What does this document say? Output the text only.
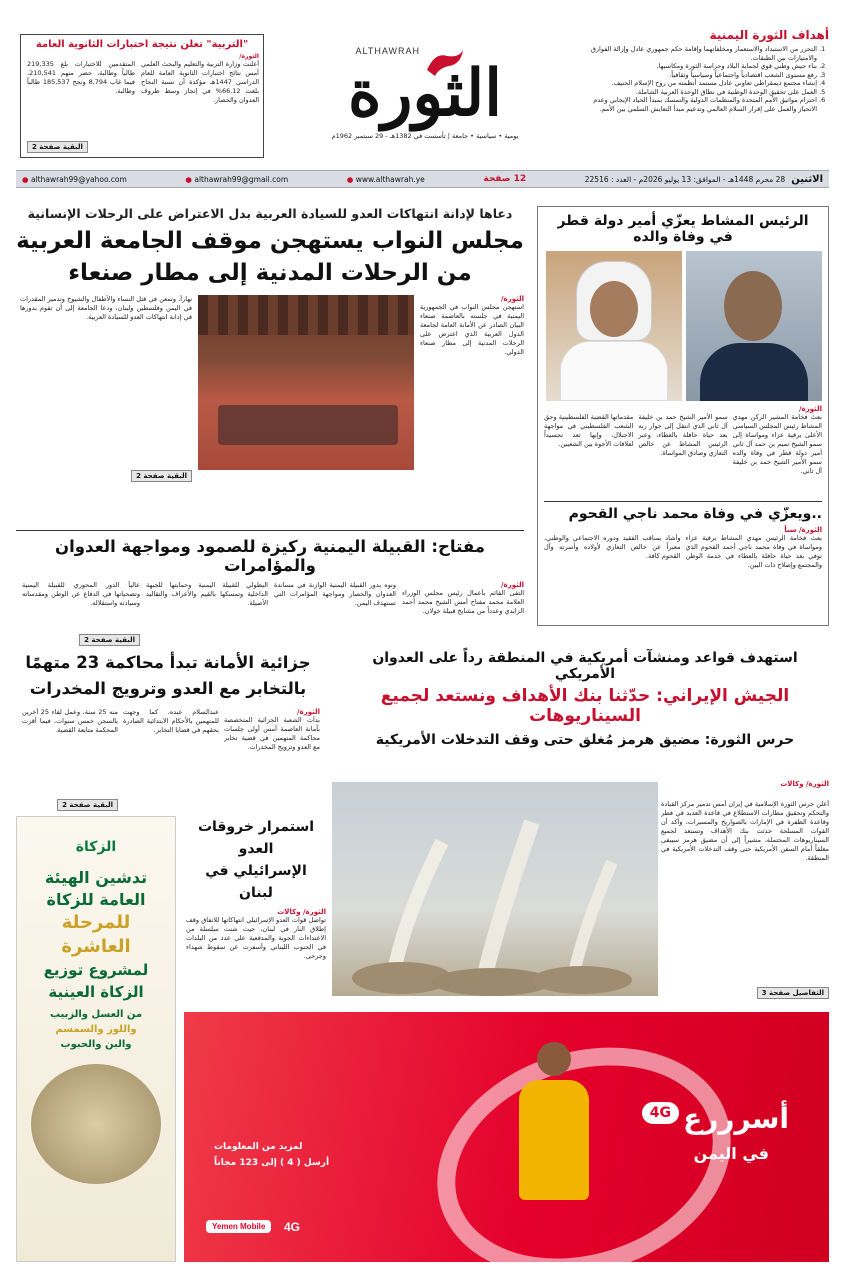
أهداف الثورة اليمنية
1. التحرر من الاستبداد والاستعمار ومخلفاتهما وإقامة حكم جمهوري عادل وإزالة الفوارق والامتيازات بين الطبقات.
2. بناء جيش وطني قوي لحماية البلاد وحراسة الثورة ومكاسبها.
3. رفع مستوى الشعب اقتصادياً واجتماعياً وسياسياً وثقافياً.
4. إنشاء مجتمع ديمقراطي تعاوني عادل مستمد أنظمته من روح الإسلام الحنيف.
5. العمل على تحقيق الوحدة الوطنية في نطاق الوحدة العربية الشاملة.
6. احترام مواثيق الأمم المتحدة والمنظمات الدولية والتمسك بمبدأ الحياد الإيجابي وعدم الانحياز والعمل على إقرار السلام العالمي وتدعيم مبدأ التعايش السلمي بين الأمم.
ALTHAWRAH
الثورة
يومية • سياسية • جامعة | تأسست في 1382هـ - 29 سبتمبر 1962م
"التربية" تعلن نتيجة اختبارات الثانوية العامة
الثورة/
أعلنت وزارة التربية والتعليم والبحث العلمي أمس نتائج اختبارات الثانوية العامة للعام الدراسي 1447هـ مؤكدة أن نسبة النجاح بلغت 66.12% في إنجاز وسط ظروف العدوان والحصار.
المتقدمين للاختبارات بلغ 219,335 طالباً وطالبة، حضر منهم 210,541، فيما غاب 8,794 ونجح 185,537 طالباً وطالبة.
البقية صفحة 2
الاثنين
28 محرم 1448هـ - الموافق: 13 يوليو 2026م - العدد : 22516
12 صفحة
● www.althawrah.ye
● althawrah99@gmail.com
● althawrah99@yahoo.com
الرئيس المشاط يعزّي أمير دولة قطر في وفاة والده
الثورة/
بعث فخامة المشير الركن مهدي المشاط رئيس المجلس السياسي الأعلى برقية عزاء ومواساة إلى سمو الشيخ تميم بن حمد آل ثاني أمير دولة قطر في وفاة والده سمو الأمير الشيخ حمد بن خليفة آل ثاني.
سمو الأمير الشيخ حمد بن خليفة آل ثاني الذي انتقل إلى جوار ربه بعد حياة حافلة بالعطاء، وعبر الرئيس المشاط عن خالص التعازي وصادق المواساة.
مقدماتها القضية الفلسطينية وحق الشعب الفلسطيني في مواجهة الاحتلال، وإنها تعد تجسيداً لعلاقات الأخوة بين الشعبين.
..ويعزّي في وفاة محمد ناجي القحوم
الثورة/ سبأ
بعث فخامة الرئيس مهدي المشاط برقية عزاء ومواساة في وفاة محمد ناجي أحمد القحوم الذي توفي بعد حياة حافلة بالعطاء في خدمة الوطن والمجتمع وإصلاح ذات البين.
وأشاد بمناقب الفقيد ودوره الاجتماعي والوطني، معبراً عن خالص التعازي لأولاده وأسرته وآل القحوم كافة.
دعاها لإدانة انتهاكات العدو للسيادة العربية بدل الاعتراض على الرحلات الإنسانية
مجلس النواب يستهجن موقف الجامعة العربية
من الرحلات المدنية إلى مطار صنعاء
الثورة/
استهجن مجلس النواب في الجمهورية اليمنية في جلسته بالعاصمة صنعاء البيان الصادر عن الأمانة العامة لجامعة الدول العربية الذي اعترض على الرحلات المدنية إلى مطار صنعاء الدولي.
نهاراً، وتمعن في قتل النساء والأطفال والشيوخ وتدمير المقدرات في اليمن وفلسطين ولبنان، ودعا الجامعة إلى أن تقوم بدورها في إدانة انتهاكات العدو للسيادة العربية.
البقية صفحة 2
مفتاح: القبيلة اليمنية ركيزة للصمود ومواجهة العدوان والمؤامرات
الثورة/
التقى القائم بأعمال رئيس مجلس الوزراء العلامة محمد مفتاح أمس الشيخ محمد أحمد الزايدي وعدداً من مشايخ قبيلة خولان.
ونوه بدور القبيلة اليمنية الوازنة في مساندة العدوان والحصار ومواجهة المؤامرات التي تستهدف اليمن.
البطولي للقبيلة اليمنية وحمايتها للجبهة الداخلية وتمسكها بالقيم والأعراف والتقاليد الأصيلة.
عالياً الدور المحوري للقبيلة اليمنية وتضحياتها في الدفاع عن الوطن ومقدساته وسيادته واستقلاله.
البقية صفحة 2
استهدف قواعد ومنشآت أمريكية في المنطقة رداً على العدوان الأمريكي
الجيش الإيراني: حدّثنا بنك الأهداف ونستعد لجميع السيناريوهات
حرس الثورة: مضيق هرمز مُغلق حتى وقف التدخلات الأمريكية
الثورة/ وكالات
أعلن حرس الثورة الإسلامية في إيران أمس تدمير مركز القيادة والتحكم وتحقيق مطارات الاستطلاع في قاعدة العديد في قطر وقاعدة الظفرة في الإمارات بالصواريخ والمسيرات، وأكد أن القوات المسلحة حدثت بنك الأهداف وتستعد لجميع السيناريوهات المحتملة، مشيراً إلى أن مضيق هرمز سيبقى مغلقاً أمام السفن الأمريكية حتى وقف التدخلات الأمريكية في المنطقة.
التفاصيل صفحة 3
جزائية الأمانة تبدأ محاكمة 23 متهمًا
بالتخابر مع العدو وترويج المخدرات
الثورة/
بدأت الشعبة الجزائية المتخصصة بأمانة العاصمة أمس أولى جلسات محاكمة المتهمين في قضية تخابر مع العدو وترويج المخدرات.
عبدالسلام عبده، كما وجهت للمتهمين بالأحكام الابتدائية الصادرة بحقهم في قضايا التخابر.
منه 25 سنة، وعمل لقاء 25 أخرين بالسجن خمس سنوات، فيما أقرت المحكمة متابعة القضية.
البقية صفحة 2
استمرار خروقات العدو
الإسرائيلي في لبنان
الثورة/ وكالات
تواصل قوات العدو الإسرائيلي انتهاكاتها للاتفاق وقف إطلاق النار في لبنان، حيث شنت سلسلة من الاعتداءات الجوية والمدفعية على عدد من البلدات في الجنوب اللبناني وأسفرت عن سقوط شهداء وجرحى.
الزكاة
تدشين الهيئة
العامة للزكاة
للمرحلة
العاشرة
لمشروع توزيع
الزكاة العينية
من العسل والزبيب
واللوز والسمسم
والبن والحبوب
أسرررع
4G
في اليمن
لمزيد من المعلومات
أرسل ( 4 ) إلى 123 مجاناً
Yemen Mobile	4G
